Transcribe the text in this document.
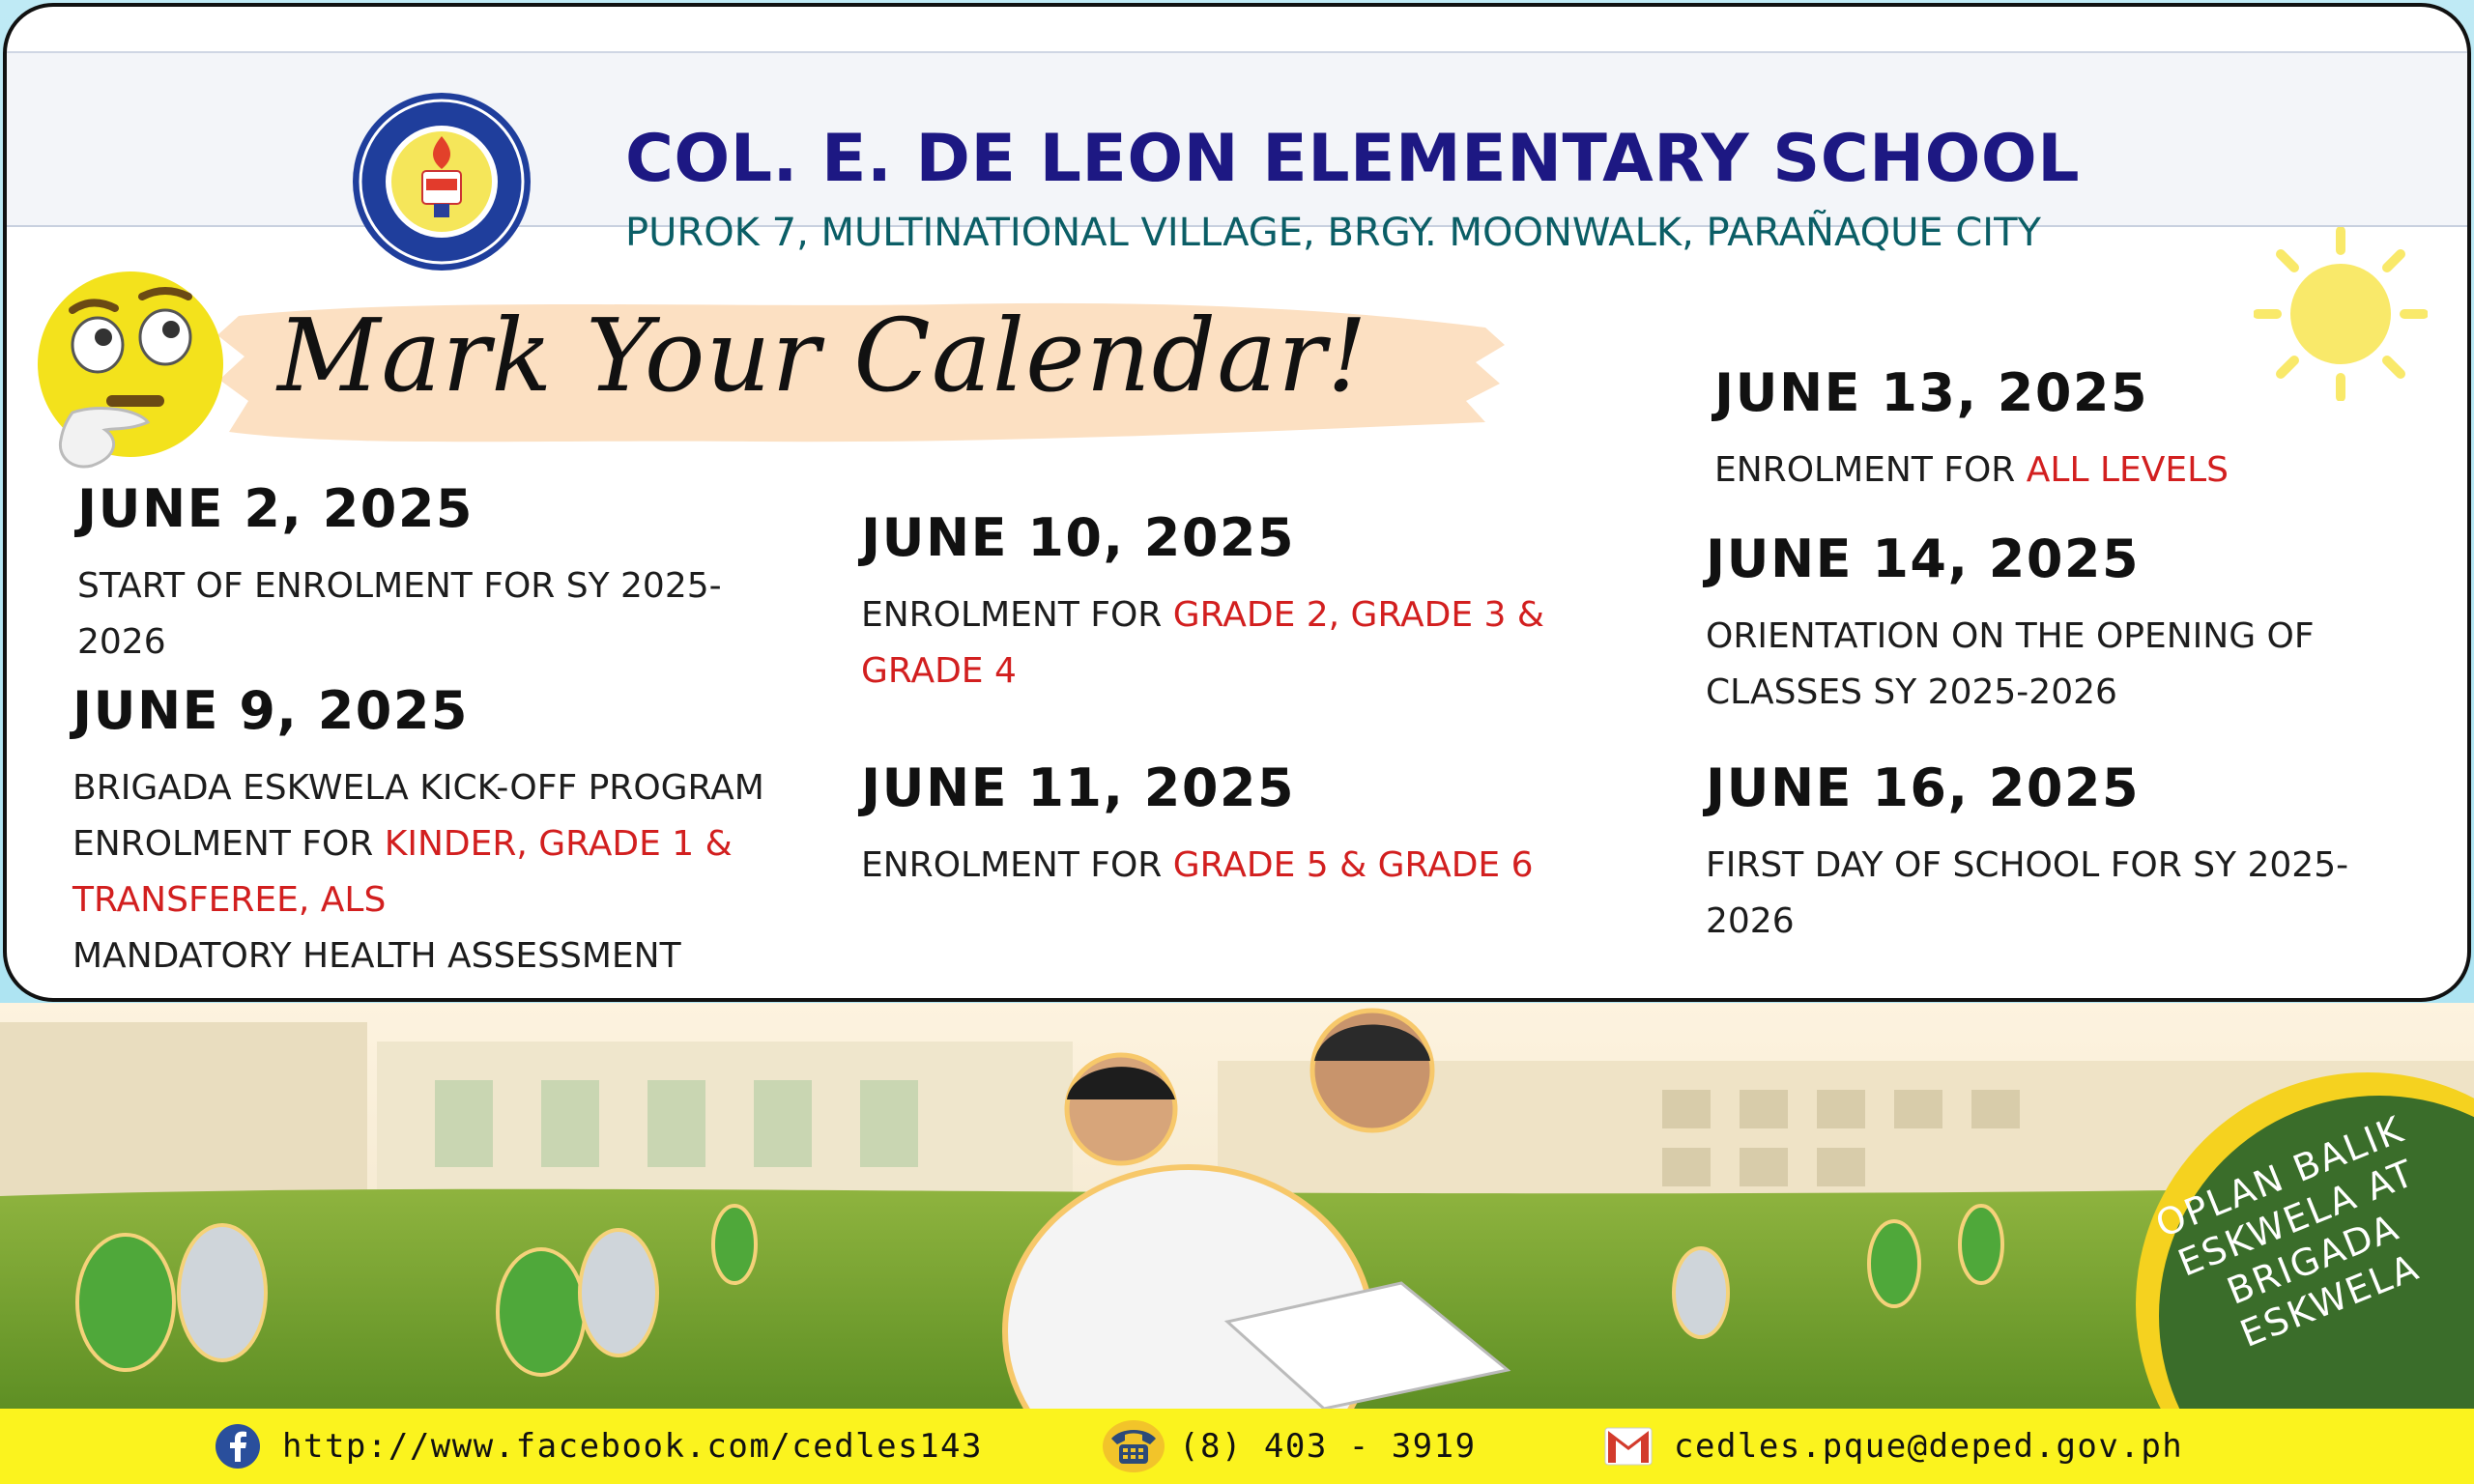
COL. E. DE LEON ELEMENTARY SCHOOL
PUROK 7, MULTINATIONAL VILLAGE, BRGY. MOONWALK, PARAÑAQUE CITY
Mark Your Calendar!
JUNE 2, 2025
START OF ENROLMENT FOR SY 2025-
2026
JUNE 9, 2025
BRIGADA ESKWELA KICK-OFF PROGRAM
ENROLMENT FOR KINDER, GRADE 1 &
TRANSFEREE, ALS
MANDATORY HEALTH ASSESSMENT
JUNE 10, 2025
ENROLMENT FOR GRADE 2, GRADE 3 &
GRADE 4
JUNE 11, 2025
ENROLMENT FOR GRADE 5 & GRADE 6
JUNE 13, 2025
ENROLMENT FOR ALL LEVELS
JUNE 14, 2025
ORIENTATION ON THE OPENING OF
CLASSES SY 2025-2026
JUNE 16, 2025
FIRST DAY OF SCHOOL FOR SY 2025-
2026
OPLAN BALIK ESKWELA AT BRIGADA ESKWELA
http://www.facebook.com/cedles143	(8) 403 - 3919	cedles.pque@deped.gov.ph
